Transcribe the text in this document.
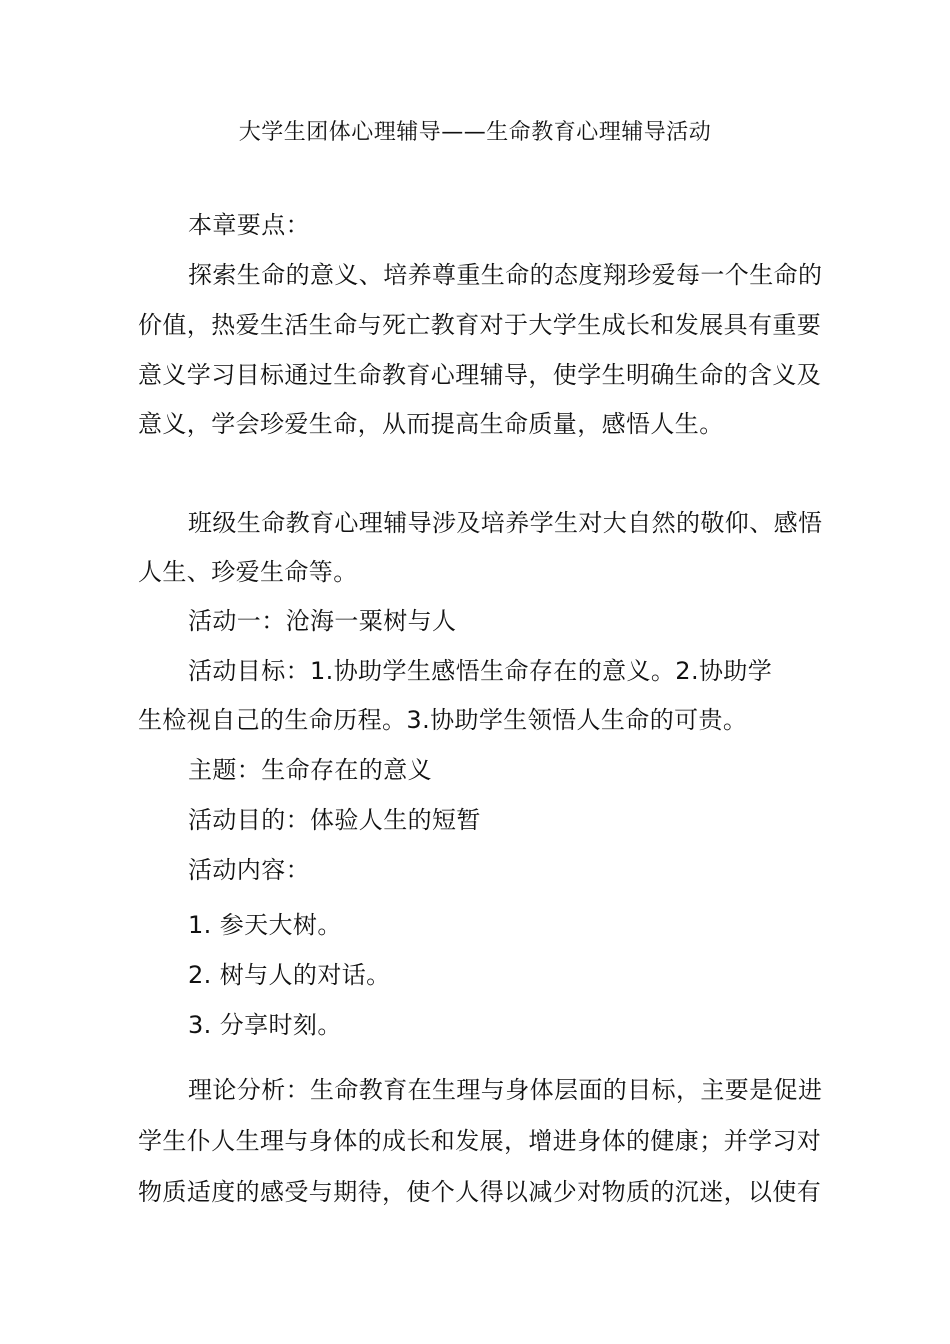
大学生团体心理辅导——生命教育心理辅导活动
本章要点：
探索生命的意义、培养尊重生命的态度翔珍爱每一个生命的
价值，热爱生活生命与死亡教育对于大学生成长和发展具有重要
意义学习目标通过生命教育心理辅导，使学生明确生命的含义及
意义，学会珍爱生命，从而提高生命质量，感悟人生。
班级生命教育心理辅导涉及培养学生对大自然的敬仰、感悟
人生、珍爱生命等。
活动一：沧海一粟树与人
活动目标：1.协助学生感悟生命存在的意义。2.协助学
生检视自己的生命历程。3.协助学生领悟人生命的可贵。
主题：生命存在的意义
活动目的：体验人生的短暂
活动内容：
1. 参天大树。
2. 树与人的对话。
3. 分享时刻。
理论分析：生命教育在生理与身体层面的目标，主要是促进
学生仆人生理与身体的成长和发展，增进身体的健康；并学习对
物质适度的感受与期待，使个人得以减少对物质的沉迷，以使有
